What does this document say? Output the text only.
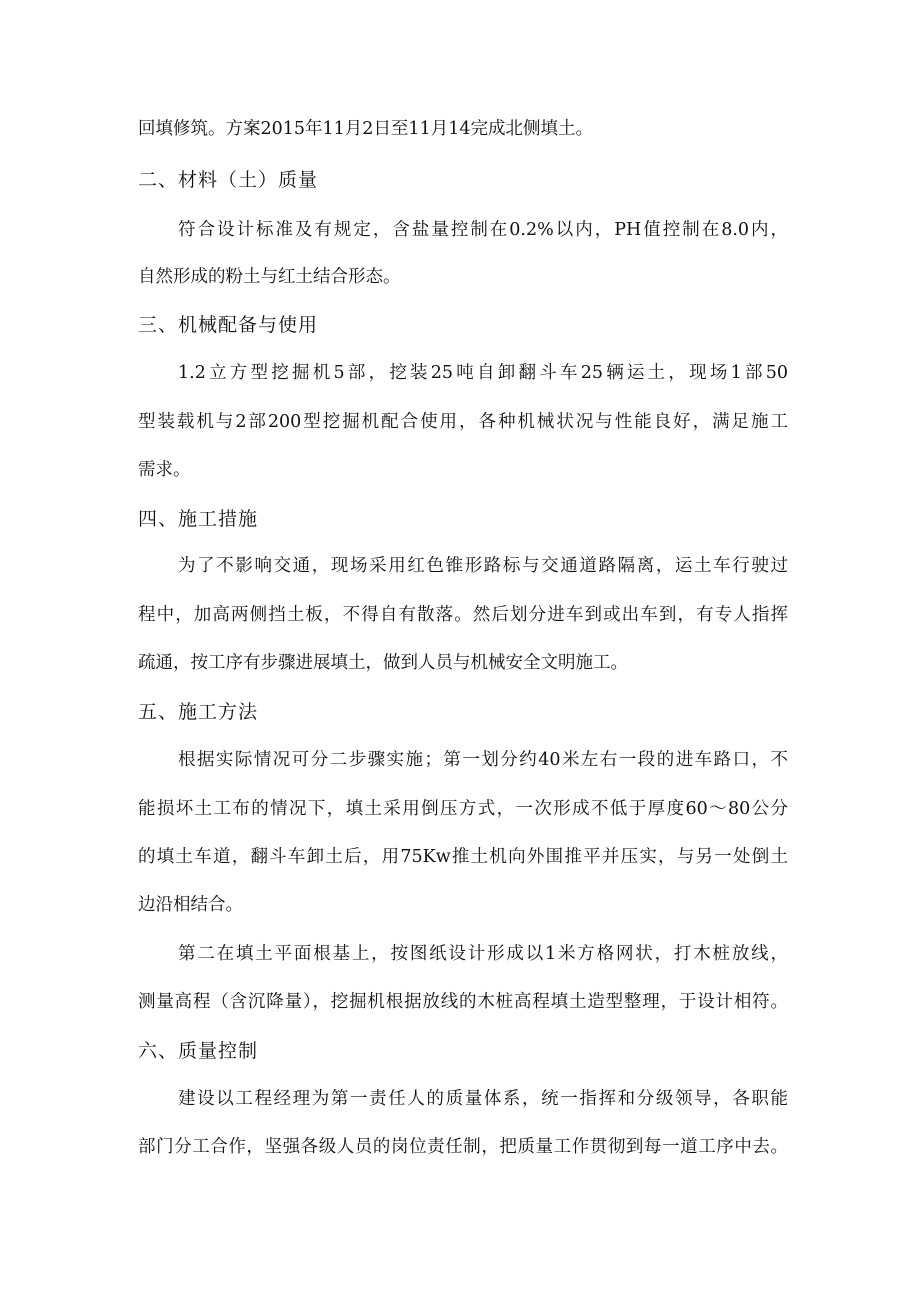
回填修筑。方案2015年11月2日至11月14完成北侧填土。
二、材料（土）质量
符合设计标准及有规定，含盐量控制在0.2%以内，PH值控制在8.0内，
自然形成的粉土与红土结合形态。
三、机械配备与使用
1.2立方型挖掘机5部，挖装25吨自卸翻斗车25辆运土，现场1部50
型装载机与2部200型挖掘机配合使用，各种机械状况与性能良好，满足施工
需求。
四、施工措施
为了不影响交通，现场采用红色锥形路标与交通道路隔离，运土车行驶过
程中，加高两侧挡土板，不得自有散落。然后划分进车到或出车到，有专人指挥
疏通，按工序有步骤进展填土，做到人员与机械安全文明施工。
五、施工方法
根据实际情况可分二步骤实施；第一划分约40米左右一段的进车路口，不
能损坏土工布的情况下，填土采用倒压方式，一次形成不低于厚度60～80公分
的填土车道，翻斗车卸土后，用75Kw推土机向外围推平并压实，与另一处倒土
边沿相结合。
第二在填土平面根基上，按图纸设计形成以1米方格网状，打木桩放线，
测量高程（含沉降量），挖掘机根据放线的木桩高程填土造型整理，于设计相符。
六、质量控制
建设以工程经理为第一责任人的质量体系，统一指挥和分级领导，各职能
部门分工合作，坚强各级人员的岗位责任制，把质量工作贯彻到每一道工序中去。
